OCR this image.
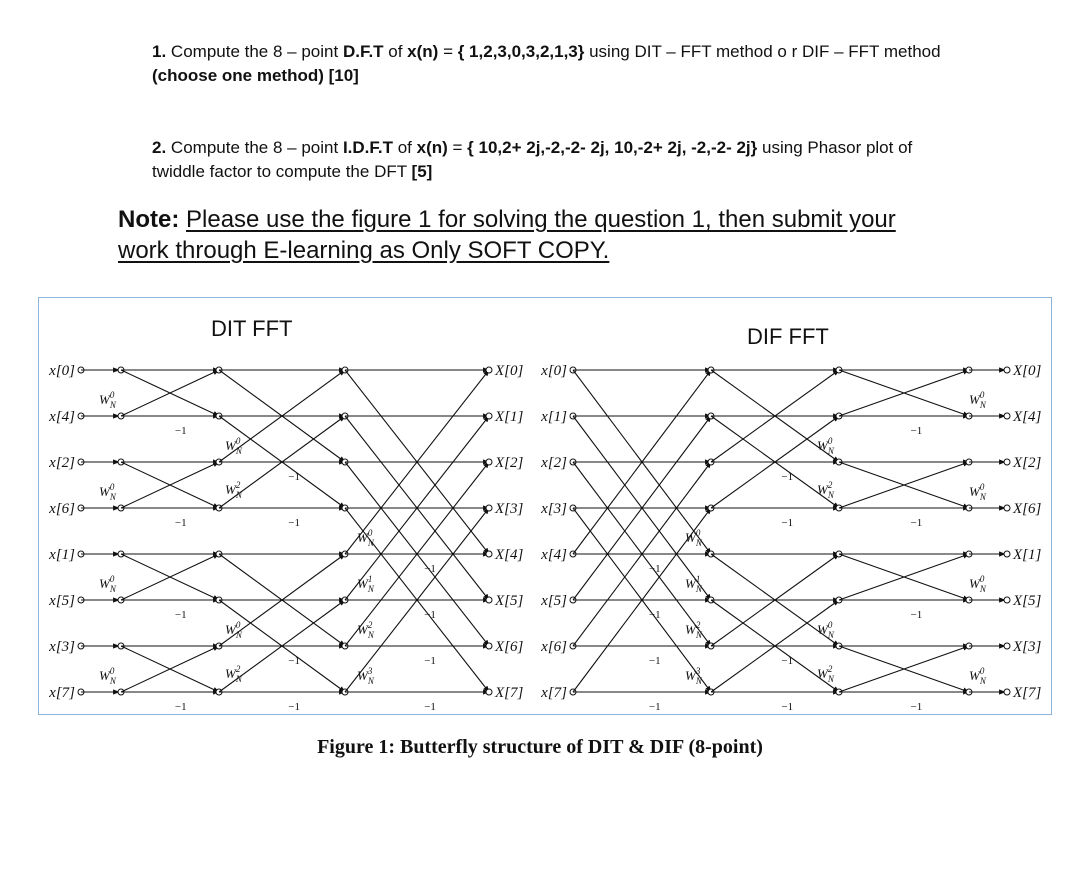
1. Compute the 8 – point D.F.T of x(n) = { 1,2,3,0,3,2,1,3} using DIT – FFT method o r DIF – FFT method (choose one method) [10]

2. Compute the 8 – point I.D.F.T of x(n) = { 10,2+ 2j,-2,-2- 2j, 10,-2+ 2j, -2,-2- 2j} using Phasor plot of twiddle factor to compute the DFT [5]

Note: Please use the figure 1 for solving the question 1, then submit your work through E-learning as Only SOFT COPY.
DIT FFT	DIF FFT
x[0]
x[4]
x[2]
x[6]
x[1]
x[5]
x[3]
x[7]
$W_N0$
−1
$W_N0$
−1
$W_N0$
−1
$W_N0$
−1
−1
−1
−1
−1
$W_N0$
$W_N2$
$W_N0$
$W_N2$
−1
−1
−1
−1
$W_N0$
$W_N1$
$W_N2$
$W_N3$
X[0]
X[1]
X[2]
X[3]
X[4]
X[5]
X[6]
X[7]
x[0]
x[1]
x[2]
x[3]
x[4]
x[5]
x[6]
x[7]
−1
−1
−1
−1
$W_N0$
$W_N1$
$W_N2$
$W_N3$
−1
−1
−1
−1
$W_N0$
$W_N2$
$W_N0$
$W_N2$
−1
−1
−1
−1
$W_N0$
$W_N0$
$W_N0$
$W_N0$
X[0]
X[4]
X[2]
X[6]
X[1]
X[5]
X[3]
X[7]
Figure 1: Butterfly structure of DIT & DIF (8-point)
